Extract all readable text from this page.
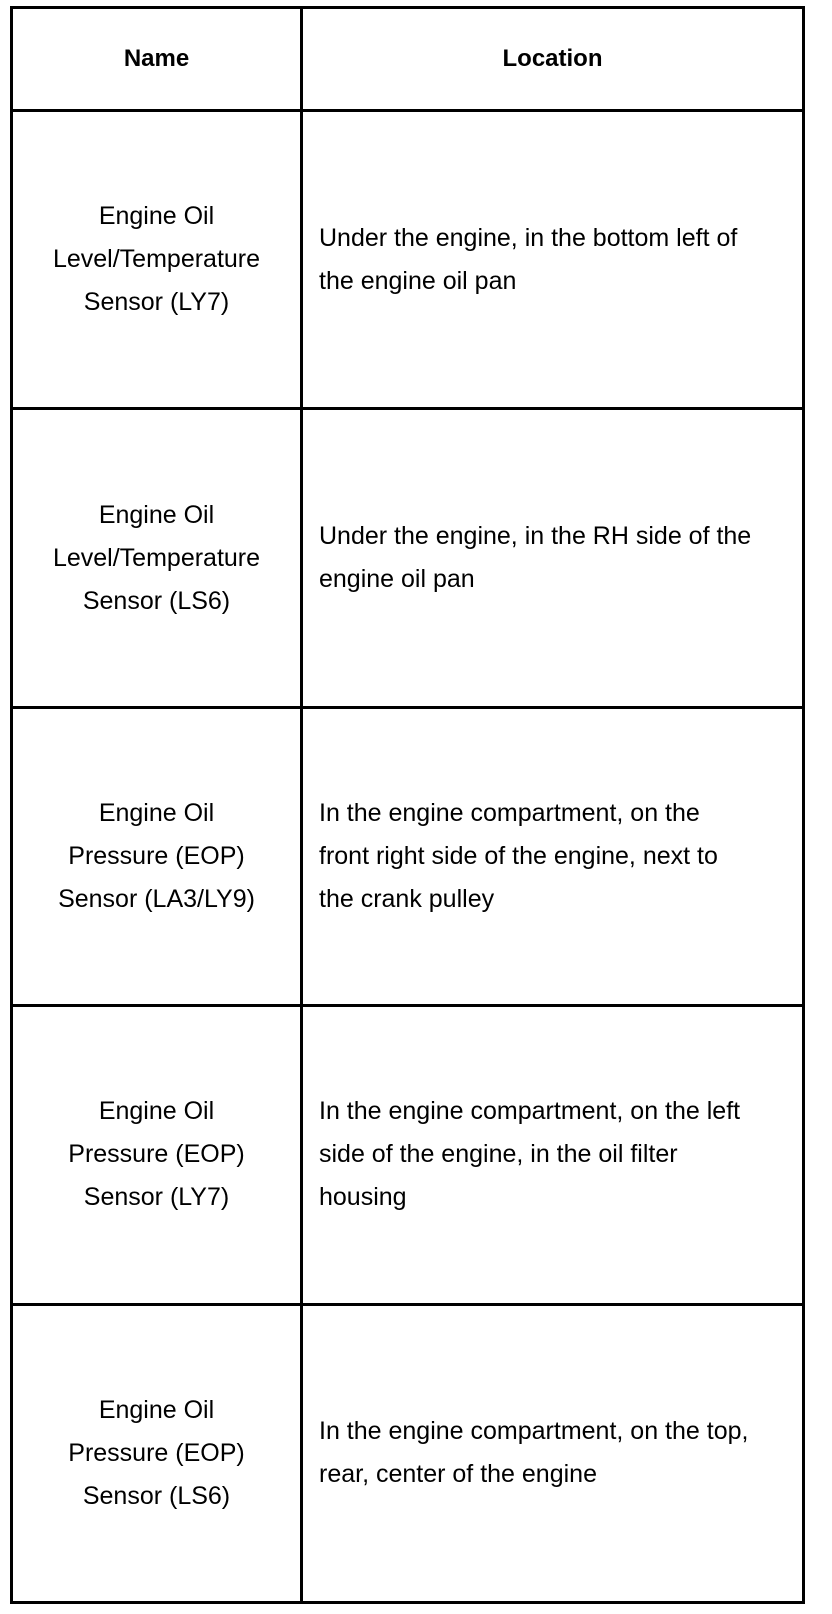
Name	Location
Engine Oil
Level/Temperature
Sensor (LY7)	Under the engine, in the bottom left of the engine oil pan
Engine Oil
Level/Temperature
Sensor (LS6)	Under the engine, in the RH side of the engine oil pan
Engine Oil
Pressure (EOP)
Sensor (LA3/LY9)	In the engine compartment, on the front right side of the engine, next to the crank pulley
Engine Oil
Pressure (EOP)
Sensor (LY7)	In the engine compartment, on the left side of the engine, in the oil filter housing
Engine Oil
Pressure (EOP)
Sensor (LS6)	In the engine compartment, on the top, rear, center of the engine
